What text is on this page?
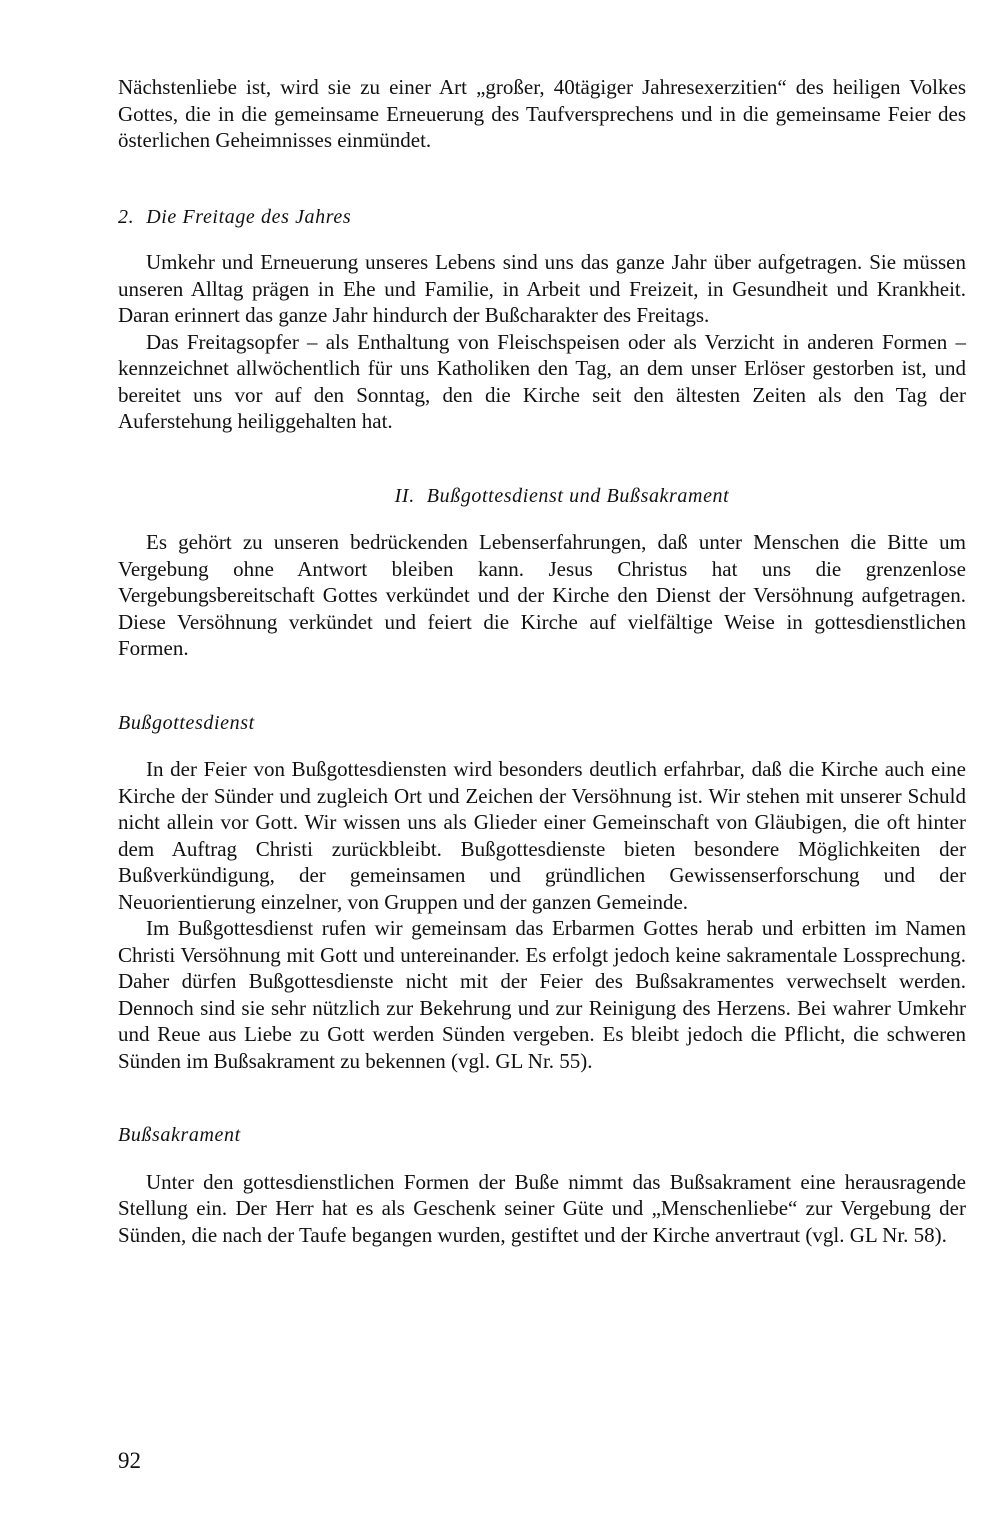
Nächstenliebe ist, wird sie zu einer Art „großer, 40tägiger Jahresexerzitien“ des heiligen Volkes Gottes, die in die gemeinsame Erneuerung des Taufversprechens und in die gemeinsame Feier des österlichen Geheimnisses einmündet.

2. Die Freitage des Jahres

Umkehr und Erneuerung unseres Lebens sind uns das ganze Jahr über aufgetragen. Sie müssen unseren Alltag prägen in Ehe und Familie, in Arbeit und Freizeit, in Gesundheit und Krankheit. Daran erinnert das ganze Jahr hindurch der Bußcharakter des Freitags.

Das Freitagsopfer – als Enthaltung von Fleischspeisen oder als Verzicht in anderen Formen – kennzeichnet allwöchentlich für uns Katholiken den Tag, an dem unser Erlöser gestorben ist, und bereitet uns vor auf den Sonntag, den die Kirche seit den ältesten Zeiten als den Tag der Auferstehung heiliggehalten hat.

II. Bußgottesdienst und Bußsakrament

Es gehört zu unseren bedrückenden Lebenserfahrungen, daß unter Menschen die Bitte um Vergebung ohne Antwort bleiben kann. Jesus Christus hat uns die grenzenlose Vergebungsbereitschaft Gottes verkündet und der Kirche den Dienst der Versöhnung aufgetragen. Diese Versöhnung verkündet und feiert die Kirche auf vielfältige Weise in gottesdienstlichen Formen.

Bußgottesdienst

In der Feier von Bußgottesdiensten wird besonders deutlich erfahrbar, daß die Kirche auch eine Kirche der Sünder und zugleich Ort und Zeichen der Versöhnung ist. Wir stehen mit unserer Schuld nicht allein vor Gott. Wir wissen uns als Glieder einer Gemeinschaft von Gläubigen, die oft hinter dem Auftrag Christi zurückbleibt. Bußgottesdienste bieten besondere Möglichkeiten der Bußverkündigung, der gemeinsamen und gründlichen Gewissenserforschung und der Neuorientierung einzelner, von Gruppen und der ganzen Gemeinde.

Im Bußgottesdienst rufen wir gemeinsam das Erbarmen Gottes herab und erbitten im Namen Christi Versöhnung mit Gott und untereinander. Es erfolgt jedoch keine sakramentale Lossprechung. Daher dürfen Bußgottesdienste nicht mit der Feier des Bußsakramentes verwechselt werden. Dennoch sind sie sehr nützlich zur Bekehrung und zur Reinigung des Herzens. Bei wahrer Umkehr und Reue aus Liebe zu Gott werden Sünden vergeben. Es bleibt jedoch die Pflicht, die schweren Sünden im Bußsakrament zu bekennen (vgl. GL Nr. 55).

Bußsakrament

Unter den gottesdienstlichen Formen der Buße nimmt das Bußsakrament eine herausragende Stellung ein. Der Herr hat es als Geschenk seiner Güte und „Menschenliebe“ zur Vergebung der Sünden, die nach der Taufe begangen wurden, gestiftet und der Kirche anvertraut (vgl. GL Nr. 58).

92
